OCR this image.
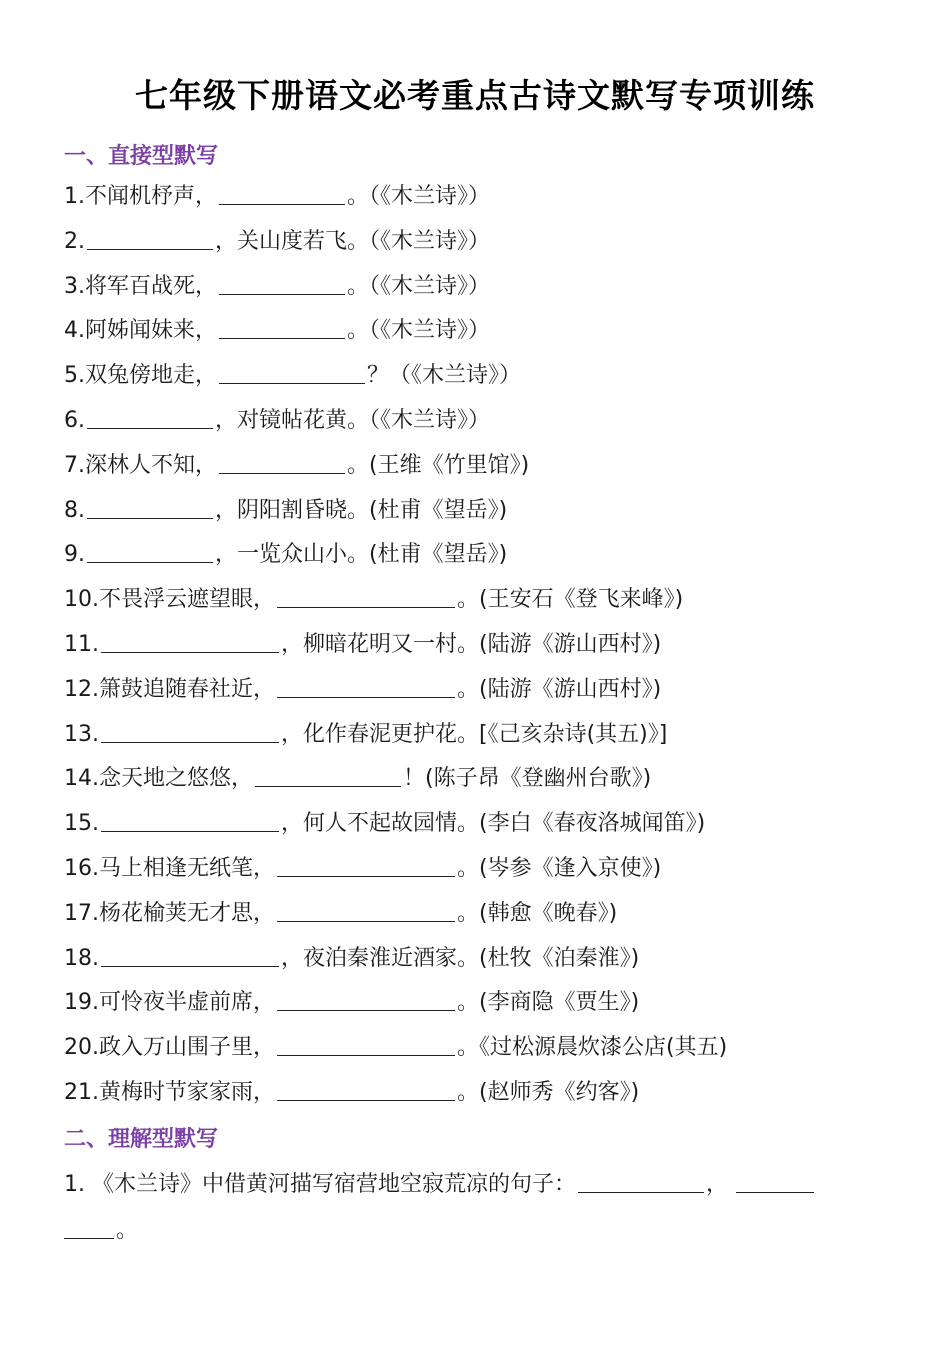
七年级下册语文必考重点古诗文默写专项训练
一、直接型默写
1.不闻机杼声，	。（《木兰诗》）
2.	，关山度若飞。（《木兰诗》）
3.将军百战死，	。（《木兰诗》）
4.阿姊闻妹来，	。（《木兰诗》）
5.双兔傍地走，	？（《木兰诗》）
6.	，对镜帖花黄。（《木兰诗》）
7.深林人不知，	。(王维《竹里馆》)
8.	，阴阳割昏晓。(杜甫《望岳》)
9.	，一览众山小。(杜甫《望岳》)
10.不畏浮云遮望眼，	。(王安石《登飞来峰》)
11.	，柳暗花明又一村。(陆游《游山西村》)
12.箫鼓追随春社近，	。(陆游《游山西村》)
13.	，化作春泥更护花。[《己亥杂诗(其五)》]
14.念天地之悠悠，	！(陈子昂《登幽州台歌》)
15.	，何人不起故园情。(李白《春夜洛城闻笛》)
16.马上相逢无纸笔，	。(岑参《逢入京使》)
17.杨花榆荚无才思，	。(韩愈《晚春》)
18.	，夜泊秦淮近酒家。(杜牧《泊秦淮》)
19.可怜夜半虚前席，	。(李商隐《贾生》)
20.政入万山围子里，	。《过松源晨炊漆公店(其五)
21.黄梅时节家家雨，	。(赵师秀《约客》)
二、理解型默写
1. 《木兰诗》中借黄河描写宿营地空寂荒凉的句子：	，
。
